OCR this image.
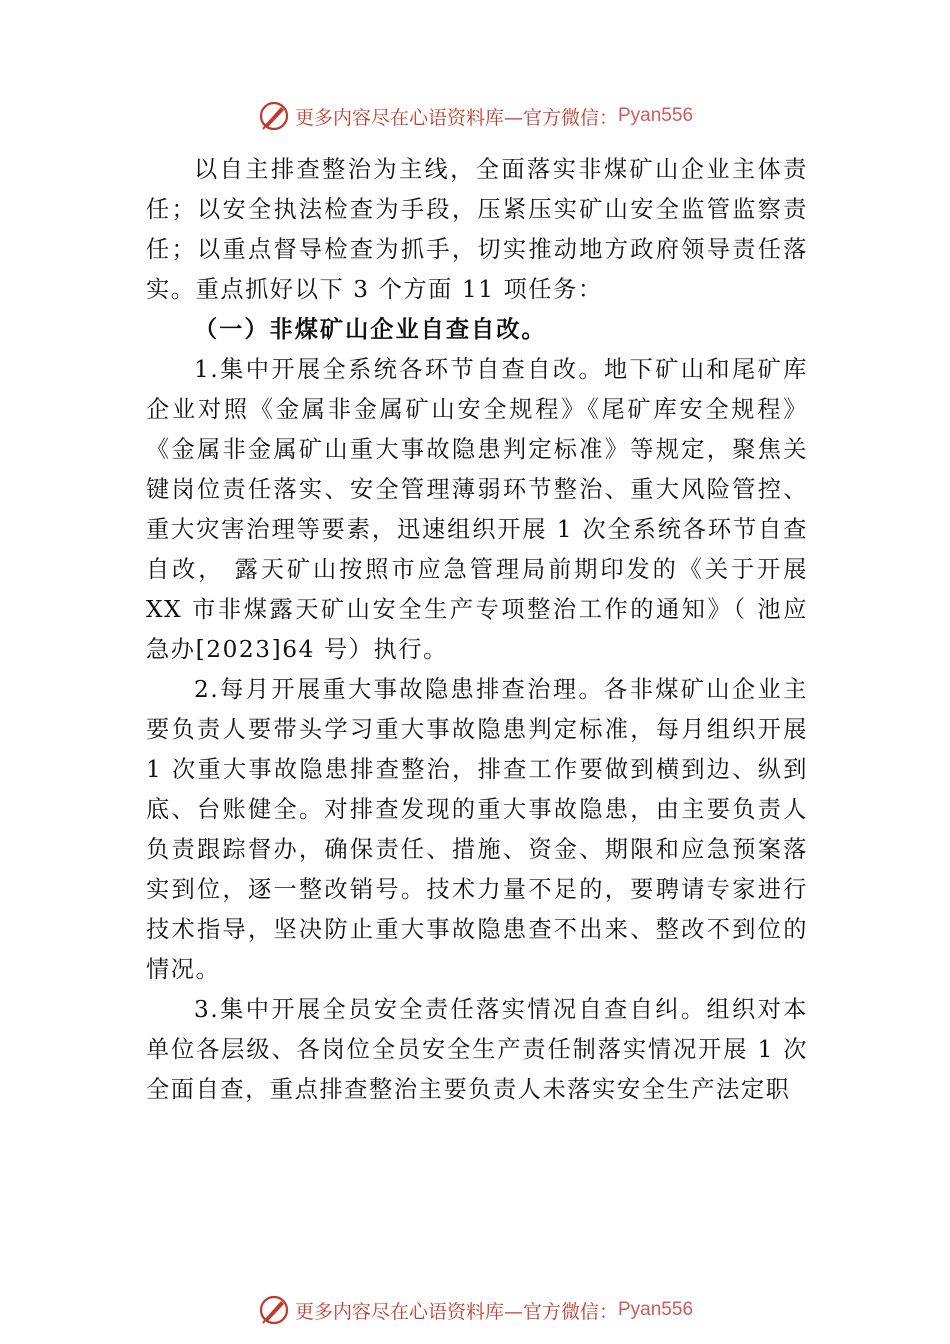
更多内容尽在心语资料库— 官方微信： Pyan556

以自主排查整治为主线，全面落实非煤矿山企业主体责任；以安全执法检查为手段，压紧压实矿山安全监管监察责任；以重点督导检查为抓手，切实推动地方政府领导责任落实。重点抓好以下 3 个方面 11 项任务：

（一）非煤矿山企业自查自改。

1.集中开展全系统各环节自查自改。地下矿山和尾矿库企业对照《金属非金属矿山安全规程》《尾矿库安全规程》《金属非金属矿山重大事故隐患判定标准》等规定，聚焦关键岗位责任落实、安全管理薄弱环节整治、重大风险管控、重大灾害治理等要素，迅速组织开展 1 次全系统各环节自查自改， 露天矿山按照市应急管理局前期印发的《关于开展 XX 市非煤露天矿山安全生产专项整治工作的通知》（ 池应急办[2023]64 号）执行。

2.每月开展重大事故隐患排查治理。各非煤矿山企业主要负责人要带头学习重大事故隐患判定标准，每月组织开展 1 次重大事故隐患排查整治，排查工作要做到横到边、纵到底、台账健全。对排查发现的重大事故隐患，由主要负责人负责跟踪督办，确保责任、措施、资金、期限和应急预案落实到位，逐一整改销号。技术力量不足的，要聘请专家进行技术指导，坚决防止重大事故隐患查不出来、整改不到位的情况。

3.集中开展全员安全责任落实情况自查自纠。组织对本单位各层级、各岗位全员安全生产责任制落实情况开展 1 次全面自查，重点排查整治主要负责人未落实安全生产法定职

更多内容尽在心语资料库— 官方微信： Pyan556
